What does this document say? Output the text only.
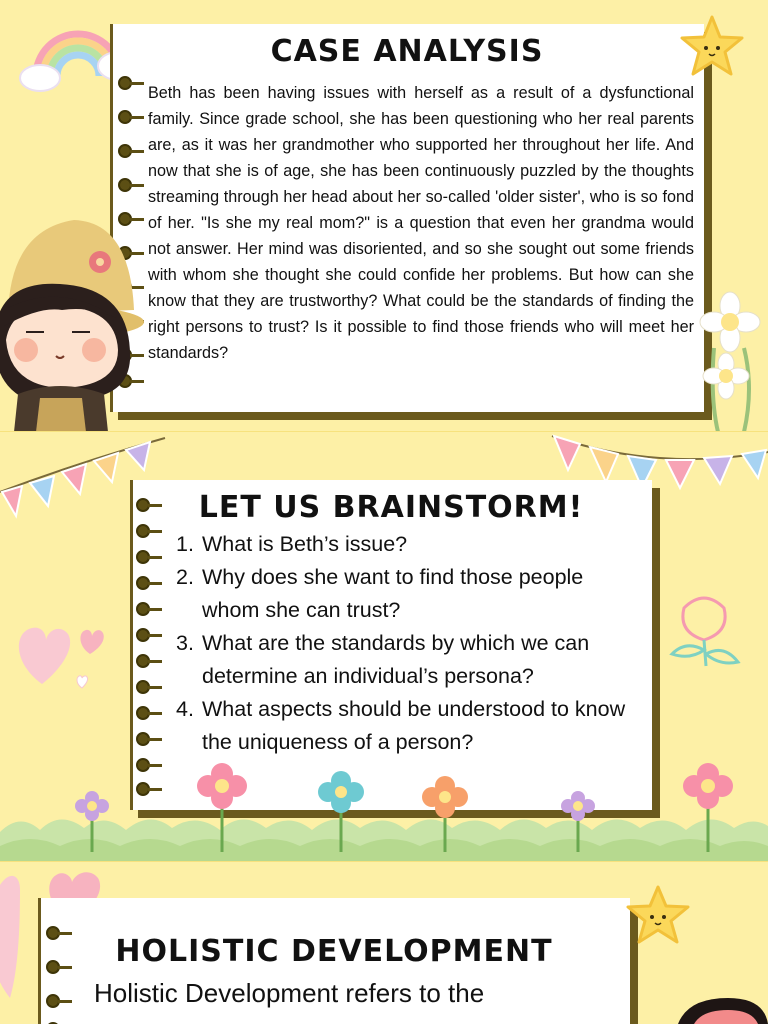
CASE ANALYSIS

Beth has been having issues with herself as a result of a dysfunctional family. Since grade school, she has been questioning who her real parents are, as it was her grandmother who supported her throughout her life. And now that she is of age, she has been continuously puzzled by the thoughts streaming through her head about her so-called 'older sister', who is so fond of her. "Is she my real mom?" is a question that even her grandma would not answer. Her mind was disoriented, and so she sought out some friends with whom she thought she could confide her problems. But how can she know that they are trustworthy? What could be the standards of finding the right persons to trust? Is it possible to find those friends who will meet her standards?

LET US BRAINSTORM!
1. What is Beth’s issue?
2. Why does she want to find those people whom she can trust?
3. What are the standards by which we can determine an individual’s persona?
4. What aspects should be understood to know the uniqueness of a person?
HOLISTIC DEVELOPMENT

Holistic Development refers to the
